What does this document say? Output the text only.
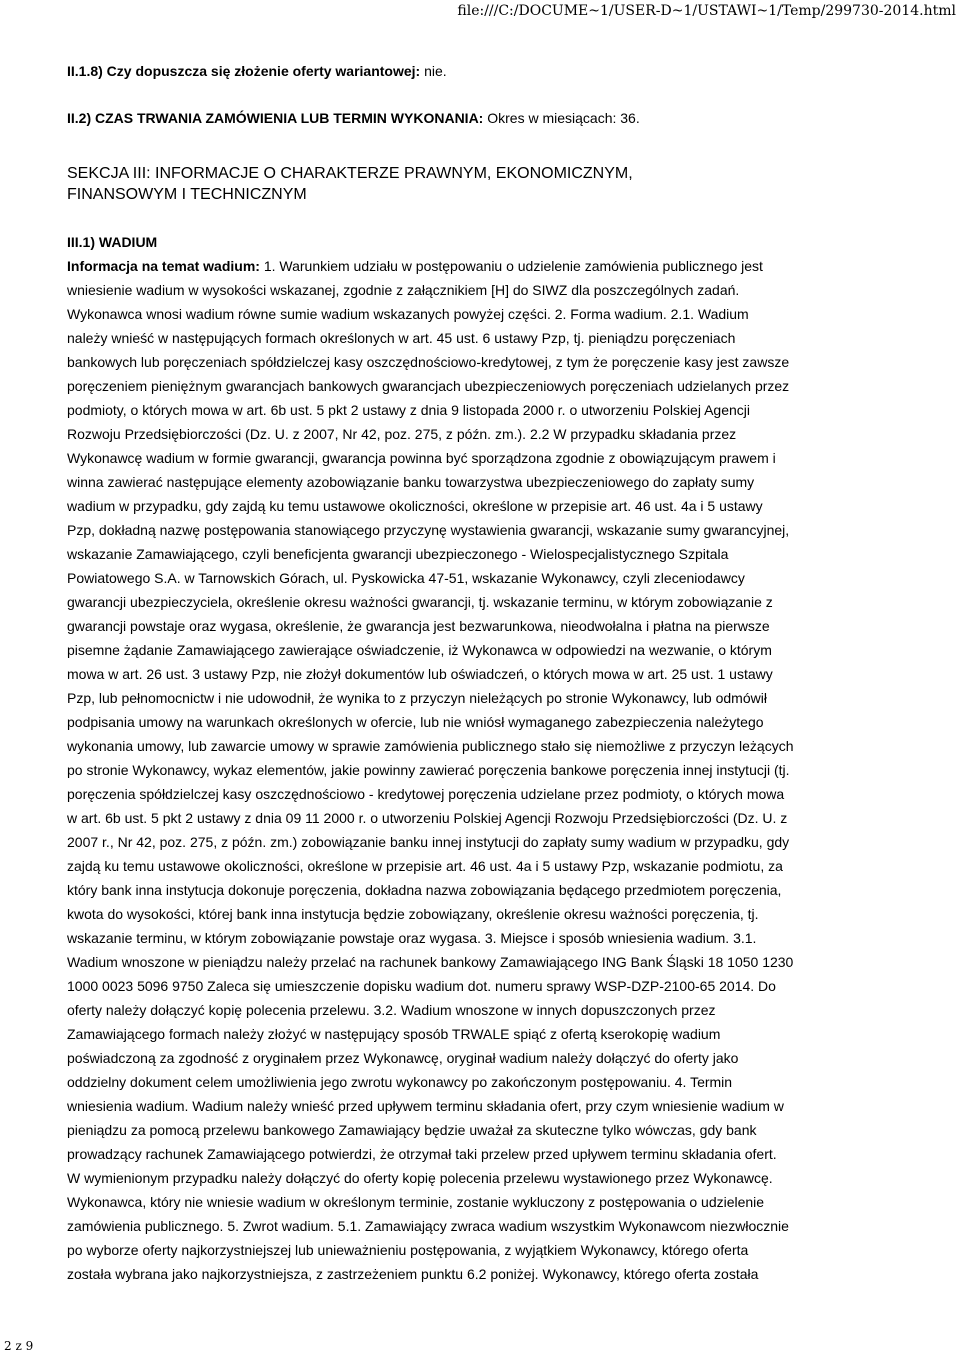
file:///C:/DOCUME~1/USER-D~1/USTAWI~1/Temp/299730-2014.html

II.1.8) Czy dopuszcza się złożenie oferty wariantowej: nie.

II.2) CZAS TRWANIA ZAMÓWIENIA LUB TERMIN WYKONANIA: Okres w miesiącach: 36.

SEKCJA III: INFORMACJE O CHARAKTERZE PRAWNYM, EKONOMICZNYM,

FINANSOWYM I TECHNICZNYM

III.1) WADIUM

Informacja na temat wadium: 1. Warunkiem udziału w postępowaniu o udzielenie zamówienia publicznego jest

wniesienie wadium w wysokości wskazanej, zgodnie z załącznikiem [H] do SIWZ dla poszczególnych zadań.

Wykonawca wnosi wadium równe sumie wadium wskazanych powyżej części. 2. Forma wadium. 2.1. Wadium

należy wnieść w następujących formach określonych w art. 45 ust. 6 ustawy Pzp, tj. pieniądzu poręczeniach

bankowych lub poręczeniach spółdzielczej kasy oszczędnościowo-kredytowej, z tym że poręczenie kasy jest zawsze

poręczeniem pieniężnym gwarancjach bankowych gwarancjach ubezpieczeniowych poręczeniach udzielanych przez

podmioty, o których mowa w art. 6b ust. 5 pkt 2 ustawy z dnia 9 listopada 2000 r. o utworzeniu Polskiej Agencji

Rozwoju Przedsiębiorczości (Dz. U. z 2007, Nr 42, poz. 275, z późn. zm.). 2.2 W przypadku składania przez

Wykonawcę wadium w formie gwarancji, gwarancja powinna być sporządzona zgodnie z obowiązującym prawem i

winna zawierać następujące elementy azobowiązanie banku towarzystwa ubezpieczeniowego do zapłaty sumy

wadium w przypadku, gdy zajdą ku temu ustawowe okoliczności, określone w przepisie art. 46 ust. 4a i 5 ustawy

Pzp, dokładną nazwę postępowania stanowiącego przyczynę wystawienia gwarancji, wskazanie sumy gwarancyjnej,

wskazanie Zamawiającego, czyli beneficjenta gwarancji ubezpieczonego - Wielospecjalistycznego Szpitala

Powiatowego S.A. w Tarnowskich Górach, ul. Pyskowicka 47-51, wskazanie Wykonawcy, czyli zleceniodawcy

gwarancji ubezpieczyciela, określenie okresu ważności gwarancji, tj. wskazanie terminu, w którym zobowiązanie z

gwarancji powstaje oraz wygasa, określenie, że gwarancja jest bezwarunkowa, nieodwołalna i płatna na pierwsze

pisemne żądanie Zamawiającego zawierające oświadczenie, iż Wykonawca w odpowiedzi na wezwanie, o którym

mowa w art. 26 ust. 3 ustawy Pzp, nie złożył dokumentów lub oświadczeń, o których mowa w art. 25 ust. 1 ustawy

Pzp, lub pełnomocnictw i nie udowodnił, że wynika to z przyczyn nieleżących po stronie Wykonawcy, lub odmówił

podpisania umowy na warunkach określonych w ofercie, lub nie wniósł wymaganego zabezpieczenia należytego

wykonania umowy, lub zawarcie umowy w sprawie zamówienia publicznego stało się niemożliwe z przyczyn leżących

po stronie Wykonawcy, wykaz elementów, jakie powinny zawierać poręczenia bankowe poręczenia innej instytucji (tj.

poręczenia spółdzielczej kasy oszczędnościowo - kredytowej poręczenia udzielane przez podmioty, o których mowa

w art. 6b ust. 5 pkt 2 ustawy z dnia 09 11 2000 r. o utworzeniu Polskiej Agencji Rozwoju Przedsiębiorczości (Dz. U. z

2007 r., Nr 42, poz. 275, z późn. zm.) zobowiązanie banku innej instytucji do zapłaty sumy wadium w przypadku, gdy

zajdą ku temu ustawowe okoliczności, określone w przepisie art. 46 ust. 4a i 5 ustawy Pzp, wskazanie podmiotu, za

który bank inna instytucja dokonuje poręczenia, dokładna nazwa zobowiązania będącego przedmiotem poręczenia,

kwota do wysokości, której bank inna instytucja będzie zobowiązany, określenie okresu ważności poręczenia, tj.

wskazanie terminu, w którym zobowiązanie powstaje oraz wygasa. 3. Miejsce i sposób wniesienia wadium. 3.1.

Wadium wnoszone w pieniądzu należy przelać na rachunek bankowy Zamawiającego ING Bank Śląski 18 1050 1230

1000 0023 5096 9750 Zaleca się umieszczenie dopisku wadium dot. numeru sprawy WSP-DZP-2100-65 2014. Do

oferty należy dołączyć kopię polecenia przelewu. 3.2. Wadium wnoszone w innych dopuszczonych przez

Zamawiającego formach należy złożyć w następujący sposób TRWALE spiąć z ofertą kserokopię wadium

poświadczoną za zgodność z oryginałem przez Wykonawcę, oryginał wadium należy dołączyć do oferty jako

oddzielny dokument celem umożliwienia jego zwrotu wykonawcy po zakończonym postępowaniu. 4. Termin

wniesienia wadium. Wadium należy wnieść przed upływem terminu składania ofert, przy czym wniesienie wadium w

pieniądzu za pomocą przelewu bankowego Zamawiający będzie uważał za skuteczne tylko wówczas, gdy bank

prowadzący rachunek Zamawiającego potwierdzi, że otrzymał taki przelew przed upływem terminu składania ofert.

W wymienionym przypadku należy dołączyć do oferty kopię polecenia przelewu wystawionego przez Wykonawcę.

Wykonawca, który nie wniesie wadium w określonym terminie, zostanie wykluczony z postępowania o udzielenie

zamówienia publicznego. 5. Zwrot wadium. 5.1. Zamawiający zwraca wadium wszystkim Wykonawcom niezwłocznie

po wyborze oferty najkorzystniejszej lub unieważnieniu postępowania, z wyjątkiem Wykonawcy, którego oferta

została wybrana jako najkorzystniejsza, z zastrzeżeniem punktu 6.2 poniżej. Wykonawcy, którego oferta została

2 z 9
